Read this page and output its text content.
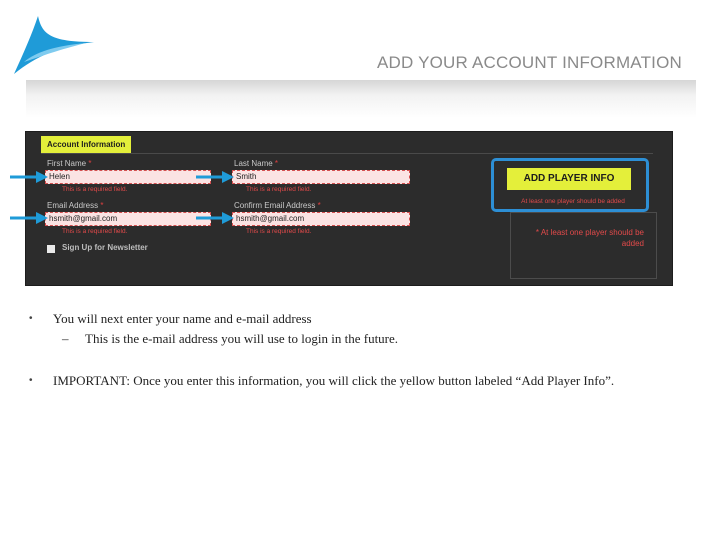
ADD YOUR ACCOUNT INFORMATION
Account Information
First Name *
Helen
This is a required field.
Last Name *
Smith
This is a required field.
Email Address *
hsmith@gmail.com
This is a required field.
Confirm Email Address *
hsmith@gmail.com
This is a required field.
Sign Up for Newsletter
ADD PLAYER INFO
At least one player should be added
* At least one player should be added
• You will next enter your name and e-mail address
– This is the e-mail address you will use to login in the future.
• IMPORTANT: Once you enter this information, you will click the yellow button labeled “Add Player Info”.
